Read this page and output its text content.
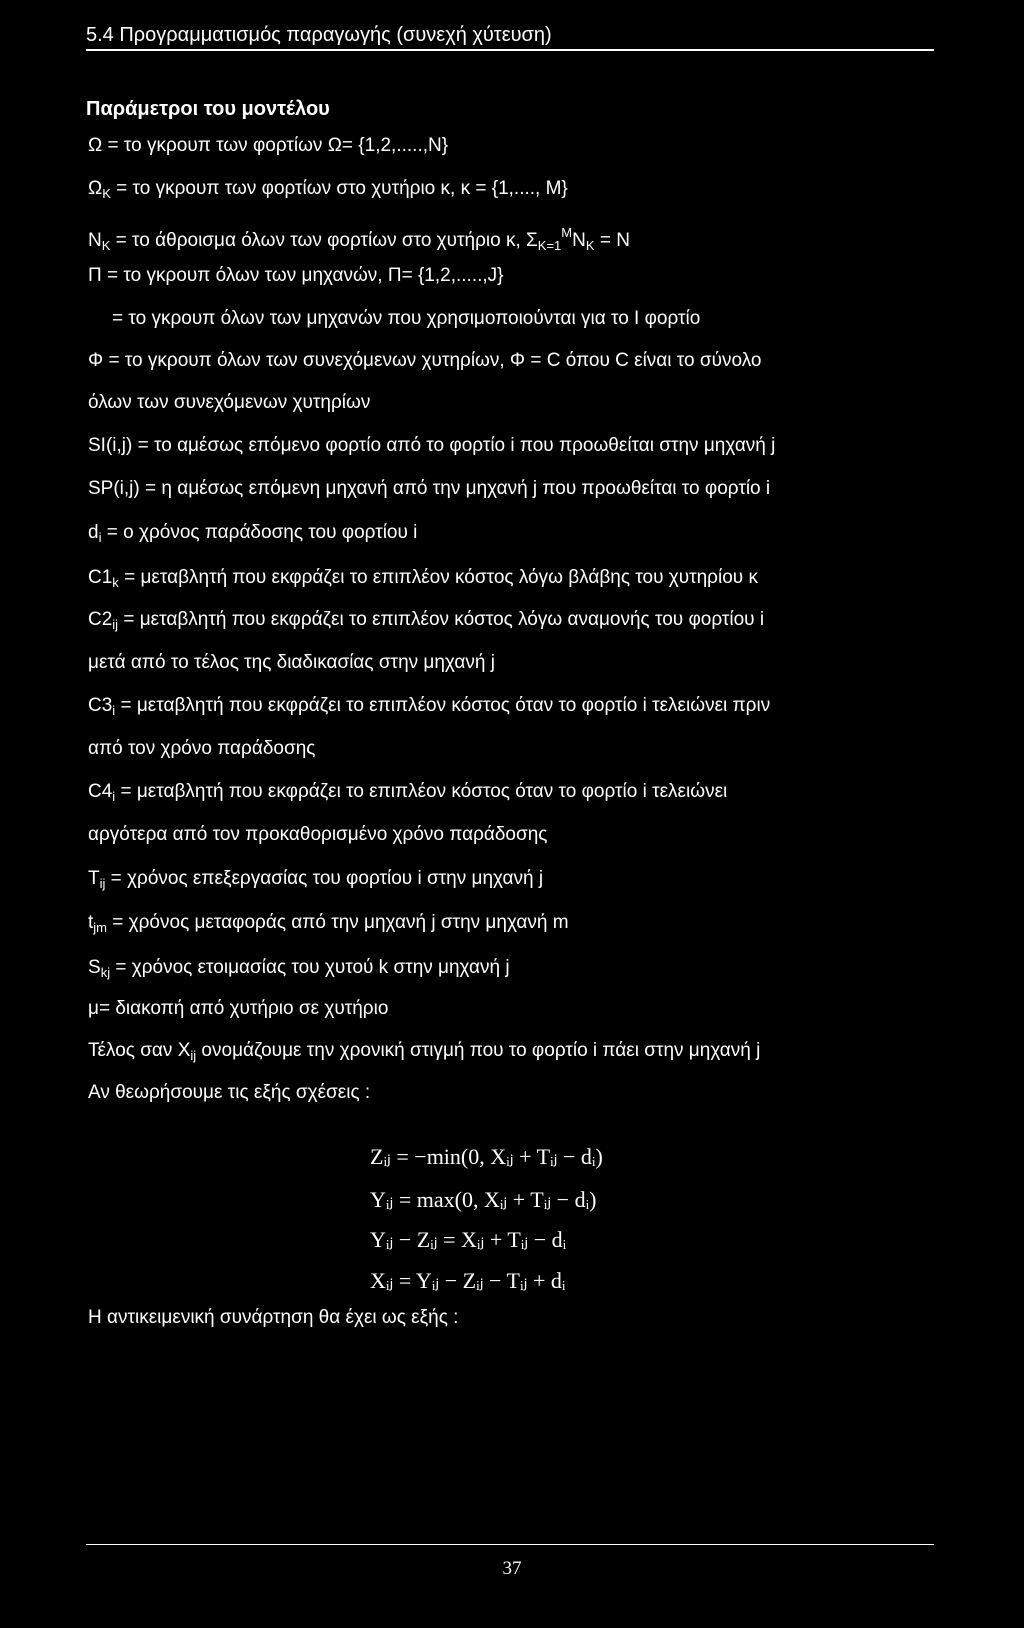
5.4 Προγραμματισμός παραγωγής (συνεχή χύτευση)
Παράμετροι του μοντέλου
Ω = το γκρουπ των φορτίων Ω= {1,2,.....,N}
$\Omega_K = \tau o$ γκρουπ των φορτίων στο χυτήριο κ, κ = {1,...., M}
$N_K = \tau o$ άθροισμα όλων των φορτίων στο χυτήριο κ, $\Sigma_{K=1}^MN_K = N$
Π = το γκρουπ όλων των μηχανών, Π= {1,2,.....,J}
= το γκρουπ όλων των μηχανών που χρησιμοποιούνται για το I φορτίο
Φ = το γκρουπ όλων των συνεχόμενων χυτηρίων, Φ = C όπου C είναι το σύνολο
όλων των συνεχόμενων χυτηρίων
SI(i,j) = το αμέσως επόμενο φορτίο από το φορτίο i που προωθείται στην μηχανή j
SP(i,j) = η αμέσως επόμενη μηχανή από την μηχανή j που προωθείται το φορτίο i
$d_i = o$ χρόνος παράδοσης του φορτίου i
$C1_k = \mu\varepsilon\tau\alpha\beta\lambda\eta\tau ή$ που εκφράζει το επιπλέον κόστος λόγω βλάβης του χυτηρίου κ
$C2_{ij} = \mu\varepsilon\tau\alpha\beta\lambda\eta\tau ή$ που εκφράζει το επιπλέον κόστος λόγω αναμονής του φορτίου i
μετά από το τέλος της διαδικασίας στην μηχανή j
$C3_i = \mu\varepsilon\tau\alpha\beta\lambda\eta\tau ή$ που εκφράζει το επιπλέον κόστος όταν το φορτίο i τελειώνει πριν
από τον χρόνο παράδοσης
$C4_i = \mu\varepsilon\tau\alpha\beta\lambda\eta\tau ή$ που εκφράζει το επιπλέον κόστος όταν το φορτίο i τελειώνει
αργότερα από τον προκαθορισμένο χρόνο παράδοσης
$T_{ij} = \chi\rho ό\nu o\varsigma$ επεξεργασίας του φορτίου i στην μηχανή j
$t_{jm} = \chi\rho ό\nu o\varsigma$ μεταφοράς από την μηχανή j στην μηχανή m
$S_{kj} = \chi\rho ό\nu o\varsigma$ ετοιμασίας του χυτού k στην μηχανή j
μ= διακοπή από χυτήριο σε χυτήριο
Τέλος σαν $X_{ij}$ ονομάζουμε την χρονική στιγμή που το φορτίο i πάει στην μηχανή j
Αν θεωρήσουμε τις εξής σχέσεις :
Zᵢⱼ = −min(0, Xᵢⱼ + Tᵢⱼ − dᵢ)
Yᵢⱼ = max(0, Xᵢⱼ + Tᵢⱼ − dᵢ)
Yᵢⱼ − Zᵢⱼ = Xᵢⱼ + Tᵢⱼ − dᵢ
Xᵢⱼ = Yᵢⱼ − Zᵢⱼ − Tᵢⱼ + dᵢ
Η αντικειμενική συνάρτηση θα έχει ως εξής :
37
